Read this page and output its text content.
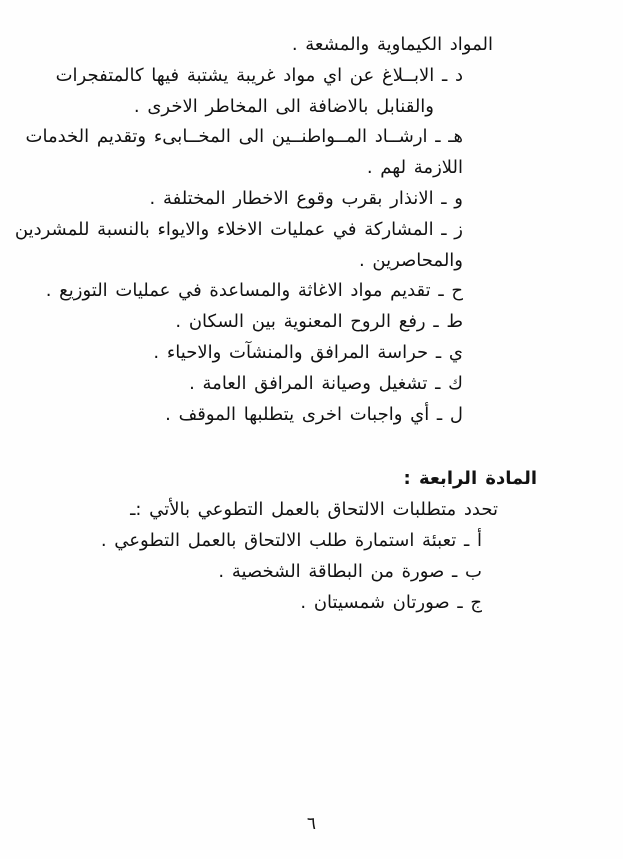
المواد الكيماوية والمشعة .
د ـ الابــلاغ عن اي مواد غريبة يشتبة فيها كالمتفجرات
والقنابل بالاضافة الى المخاطر الاخرى .
هـ ـ ارشــاد المــواطنــين الى المخــابىء وتقديم الخدمات
اللازمة لهم .
و ـ الانذار بقرب وقوع الاخطار المختلفة .
ز ـ المشاركة في عمليات الاخلاء والايواء بالنسبة للمشردين
والمحاصرين .
ح ـ تقديم مواد الاغاثة والمساعدة في عمليات التوزيع .
ط ـ رفع الروح المعنوية بين السكان .
ي ـ حراسة المرافق والمنشآت والاحياء .
ك ـ تشغيل وصيانة المرافق العامة .
ل ـ أي واجبات اخرى يتطلبها الموقف .
المادة الرابعة :
تحدد متطلبات الالتحاق بالعمل التطوعي بالأتي :ـ
أ ـ تعبئة استمارة طلب الالتحاق بالعمل التطوعي .
ب ـ صورة من البطاقة الشخصية .
ج ـ صورتان شمسيتان .
٦
